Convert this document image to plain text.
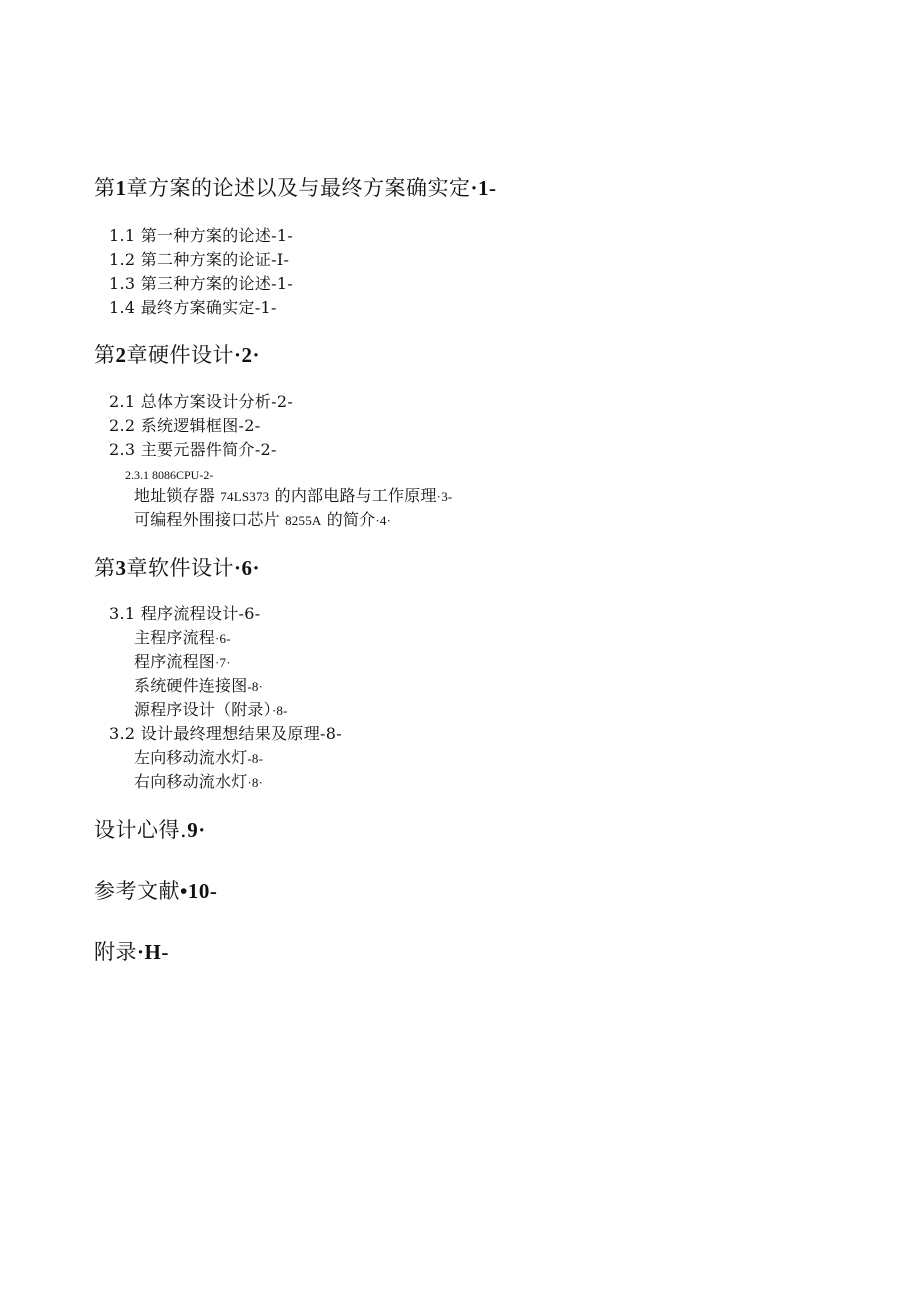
第1章方案的论述以及与最终方案确实定·1-
1.1 第一种方案的论述-1-
1.2 第二种方案的论证-I-
1.3 第三种方案的论述-1-
1.4 最终方案确实定-1-
第2章硬件设计·2·
2.1 总体方案设计分析-2-
2.2 系统逻辑框图-2-
2.3 主要元器件简介-2-
2.3.1 8086CPU-2-
地址锁存器 74LS373 的内部电路与工作原理·3-
可编程外围接口芯片 8255A 的简介·4·
第3章软件设计·6·
3.1 程序流程设计-6-
主程序流程·6-
程序流程图·7·
系统硬件连接图-8·
源程序设计（附录）·8-
3.2 设计最终理想结果及原理-8-
左向移动流水灯-8-
右向移动流水灯·8·
设计心得.9·
参考文献•10-
附录·H-
